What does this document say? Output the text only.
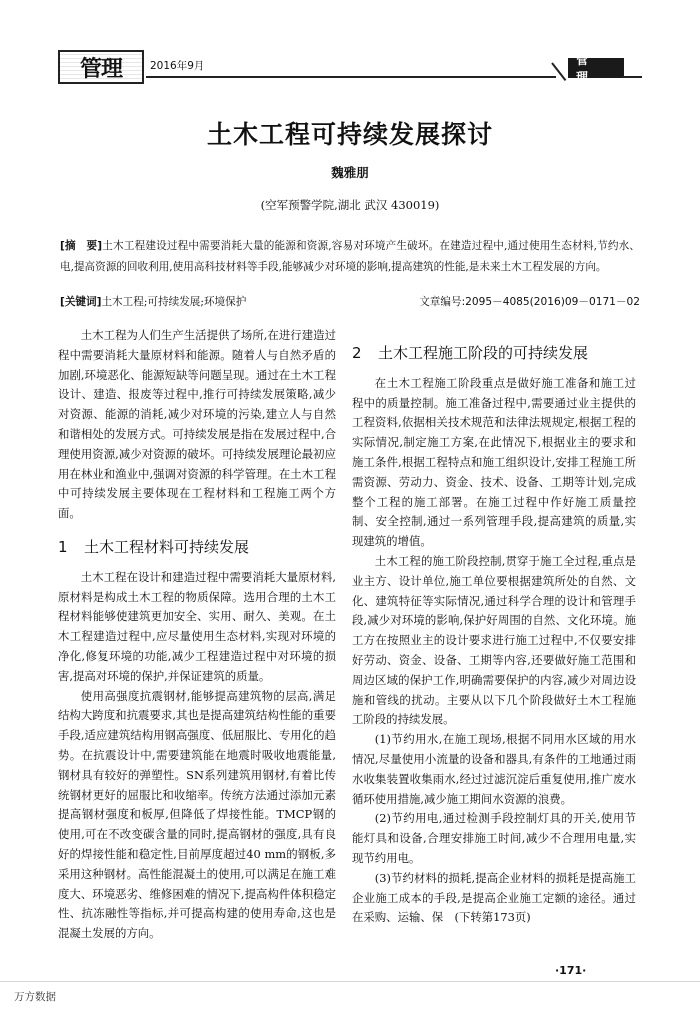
管理	2016年9月	管 理
土木工程可持续发展探讨
魏雅朋
(空军预警学院,湖北 武汉 430019)
[摘　要]土木工程建设过程中需要消耗大量的能源和资源,容易对环境产生破坏。在建造过程中,通过使用生态材料,节约水、电,提高资源的回收利用,使用高科技材料等手段,能够减少对环境的影响,提高建筑的性能,是未来土木工程发展的方向。
[关键词]土木工程;可持续发展;环境保护	文章编号:2095－4085(2016)09－0171－02

土木工程为人们生产生活提供了场所,在进行建造过程中需要消耗大量原材料和能源。随着人与自然矛盾的加剧,环境恶化、能源短缺等问题呈现。通过在土木工程设计、建造、报废等过程中,推行可持续发展策略,减少对资源、能源的消耗,减少对环境的污染,建立人与自然和谐相处的发展方式。可持续发展是指在发展过程中,合理使用资源,减少对资源的破坏。可持续发展理论最初应用在林业和渔业中,强调对资源的科学管理。在土木工程中可持续发展主要体现在工程材料和工程施工两个方面。

1 土木工程材料可持续发展

土木工程在设计和建造过程中需要消耗大量原材料,原材料是构成土木工程的物质保障。选用合理的土木工程材料能够使建筑更加安全、实用、耐久、美观。在土木工程建造过程中,应尽量使用生态材料,实现对环境的净化,修复环境的功能,减少工程建造过程中对环境的损害,提高对环境的保护,并保证建筑的质量。

使用高强度抗震钢材,能够提高建筑物的层高,满足结构大跨度和抗震要求,其也是提高建筑结构性能的重要手段,适应建筑结构用钢高强度、低屈服比、专用化的趋势。在抗震设计中,需要建筑能在地震时吸收地震能量,钢材具有较好的弹塑性。SN系列建筑用钢材,有着比传统钢材更好的屈服比和收缩率。传统方法通过添加元素提高钢材强度和板厚,但降低了焊接性能。TMCP钢的使用,可在不改变碳含量的同时,提高钢材的强度,具有良好的焊接性能和稳定性,目前厚度超过40 mm的钢板,多采用这种钢材。高性能混凝土的使用,可以满足在施工难度大、环境恶劣、维修困难的情况下,提高构件体积稳定性、抗冻融性等指标,并可提高构建的使用寿命,这也是混凝土发展的方向。

2 土木工程施工阶段的可持续发展

在土木工程施工阶段重点是做好施工准备和施工过程中的质量控制。施工准备过程中,需要通过业主提供的工程资料,依据相关技术规范和法律法规规定,根据工程的实际情况,制定施工方案,在此情况下,根据业主的要求和施工条件,根据工程特点和施工组织设计,安排工程施工所需资源、劳动力、资金、技术、设备、工期等计划,完成整个工程的施工部署。在施工过程中作好施工质量控制、安全控制,通过一系列管理手段,提高建筑的质量,实现建筑的增值。

土木工程的施工阶段控制,贯穿于施工全过程,重点是业主方、设计单位,施工单位要根据建筑所处的自然、文化、建筑特征等实际情况,通过科学合理的设计和管理手段,减少对环境的影响,保护好周围的自然、文化环境。施工方在按照业主的设计要求进行施工过程中,不仅要安排好劳动、资金、设备、工期等内容,还要做好施工范围和周边区域的保护工作,明确需要保护的内容,减少对周边设施和管线的扰动。主要从以下几个阶段做好土木工程施工阶段的持续发展。

(1)节约用水,在施工现场,根据不同用水区域的用水情况,尽量使用小流量的设备和器具,有条件的工地通过雨水收集装置收集雨水,经过过滤沉淀后重复使用,推广废水循环使用措施,减少施工期间水资源的浪费。

(2)节约用电,通过检测手段控制灯具的开关,使用节能灯具和设备,合理安排施工时间,减少不合理用电量,实现节约用电。

(3)节约材料的损耗,提高企业材料的损耗是提高施工企业施工成本的手段,是提高企业施工定额的途径。通过在采购、运输、保　(下转第173页)

·171·
万方数据
